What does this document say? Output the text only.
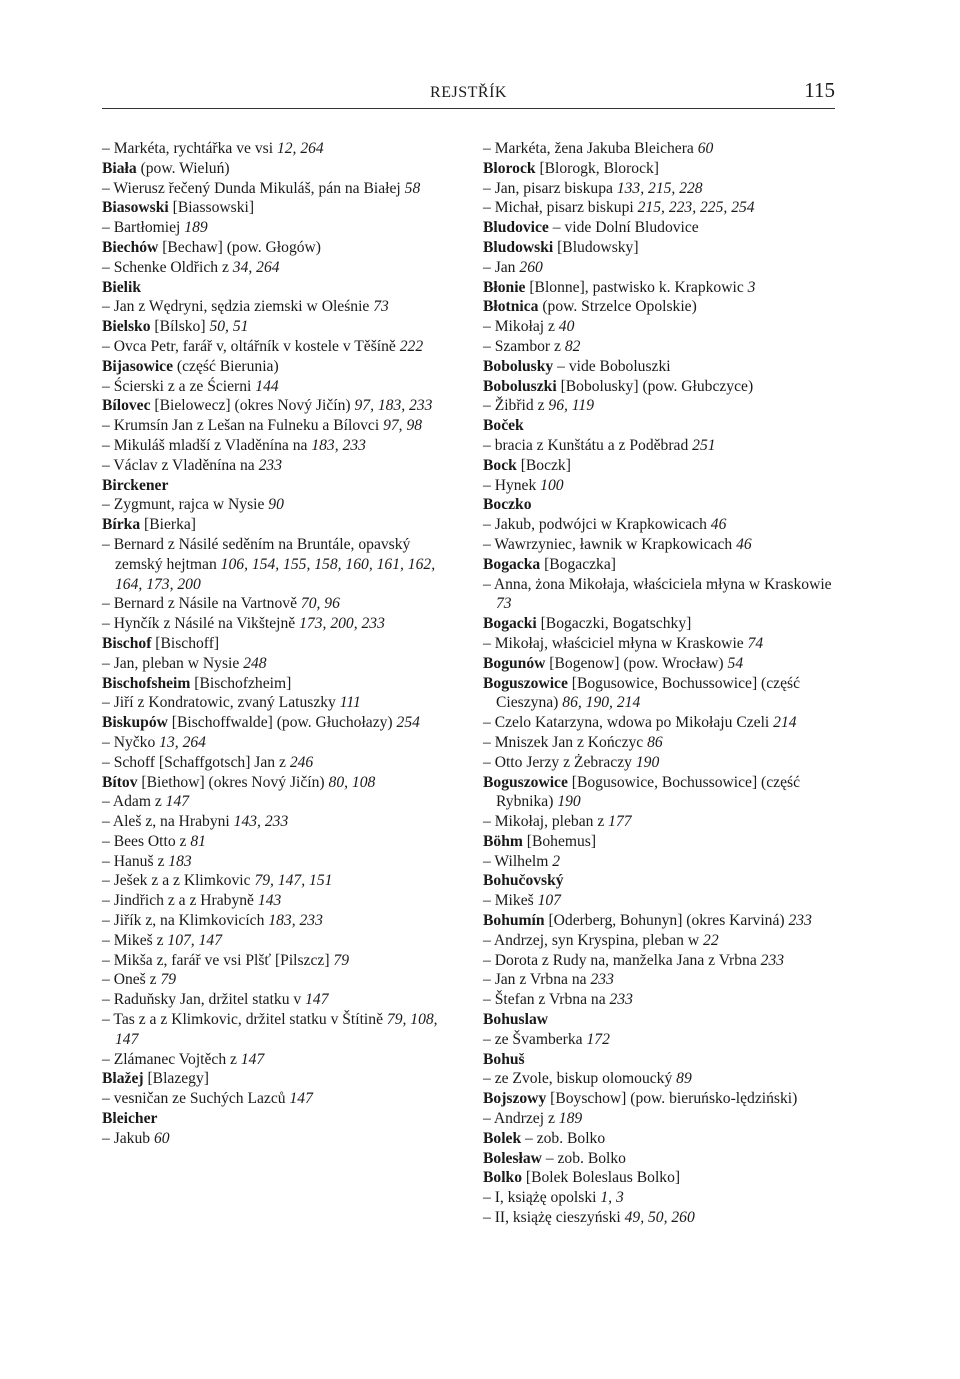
REJSTŘÍK	115

– Markéta, rychtářka ve vsi 12, 264

Biała (pow. Wieluń)

– Wierusz řečený Dunda Mikuláš, pán na Białej 58

Biasowski [Biassowski]

– Bartłomiej 189

Biechów [Bechaw] (pow. Głogów)

– Schenke Oldřich z 34, 264

Bielik

– Jan z Wędryni, sędzia ziemski w Oleśnie 73

Bielsko [Bílsko] 50, 51

– Ovca Petr, farář v, oltářník v kostele v Těšíně 222

Bijasowice (część Bierunia)

– Ścierski z a ze Ścierni 144

Bílovec [Bielowecz] (okres Nový Jičín) 97, 183, 233

– Krumsín Jan z Lešan na Fulneku a Bílovci 97, 98

– Mikuláš mladší z Vladěnína na 183, 233

– Václav z Vladěnína na 233

Birckener

– Zygmunt, rajca w Nysie 90

Bírka [Bierka]

– Bernard z Násilé seděním na Bruntále, opavský zemský hejtman 106, 154, 155, 158, 160, 161, 162, 164, 173, 200

– Bernard z Násile na Vartnově 70, 96

– Hynčík z Násilé na Vikštejně 173, 200, 233

Bischof [Bischoff]

– Jan, pleban w Nysie 248

Bischofsheim [Bischofzheim]

– Jiří z Kondratowic, zvaný Latuszky 111

Biskupów [Bischoffwalde] (pow. Głuchołazy) 254

– Nyčko 13, 264

– Schoff [Schaffgotsch] Jan z 246

Bítov [Biethow] (okres Nový Jičín) 80, 108

– Adam z 147

– Aleš z, na Hrabyni 143, 233

– Bees Otto z 81

– Hanuš z 183

– Ješek z a z Klimkovic 79, 147, 151

– Jindřich z a z Hrabyně 143

– Jiřík z, na Klimkovicích 183, 233

– Mikeš z 107, 147

– Mikša z, farář ve vsi Plšť [Pilszcz] 79

– Oneš z 79

– Raduňsky Jan, držitel statku v 147

– Tas z a z Klimkovic, držitel statku v Štítině 79, 108, 147

– Zlámanec Vojtěch z 147

Blažej [Blazegy]

– vesničan ze Suchých Lazců 147

Bleicher

– Jakub 60

– Markéta, žena Jakuba Bleichera 60

Blorock [Blorogk, Blorock]

– Jan, pisarz biskupa 133, 215, 228

– Michał, pisarz biskupi 215, 223, 225, 254

Bludovice – vide Dolní Bludovice

Bludowski [Bludowsky]

– Jan 260

Błonie [Blonne], pastwisko k. Krapkowic 3

Błotnica (pow. Strzelce Opolskie)

– Mikołaj z 40

– Szambor z 82

Bobolusky – vide Boboluszki

Boboluszki [Bobolusky] (pow. Głubczyce)

– Žibřid z 96, 119

Boček

– bracia z Kunštátu a z Poděbrad 251

Bock [Boczk]

– Hynek 100

Boczko

– Jakub, podwójci w Krapkowicach 46

– Wawrzyniec, ławnik w Krapkowicach 46

Bogacka [Bogaczka]

– Anna, żona Mikołaja, właściciela młyna w Kraskowie 73

Bogacki [Bogaczki, Bogatschky]

– Mikołaj, właściciel młyna w Kraskowie 74

Bogunów [Bogenow] (pow. Wrocław) 54

Boguszowice [Bogusowice, Bochussowice] (część Cieszyna) 86, 190, 214

– Czelo Katarzyna, wdowa po Mikołaju Czeli 214

– Mniszek Jan z Kończyc 86

– Otto Jerzy z Żebraczy 190

Boguszowice [Bogusowice, Bochussowice] (część Rybnika) 190

– Mikołaj, pleban z 177

Böhm [Bohemus]

– Wilhelm 2

Bohučovský

– Mikeš 107

Bohumín [Oderberg, Bohunyn] (okres Karviná) 233

– Andrzej, syn Kryspina, pleban w 22

– Dorota z Rudy na, manželka Jana z Vrbna 233

– Jan z Vrbna na 233

– Štefan z Vrbna na 233

Bohuslaw

– ze Švamberka 172

Bohuš

– ze Zvole, biskup olomoucký 89

Bojszowy [Boyschow] (pow. bieruńsko-lędziński)

– Andrzej z 189

Bolek – zob. Bolko

Bolesław – zob. Bolko

Bolko [Bolek Boleslaus Bolko]

– I, książę opolski 1, 3

– II, książę cieszyński 49, 50, 260
